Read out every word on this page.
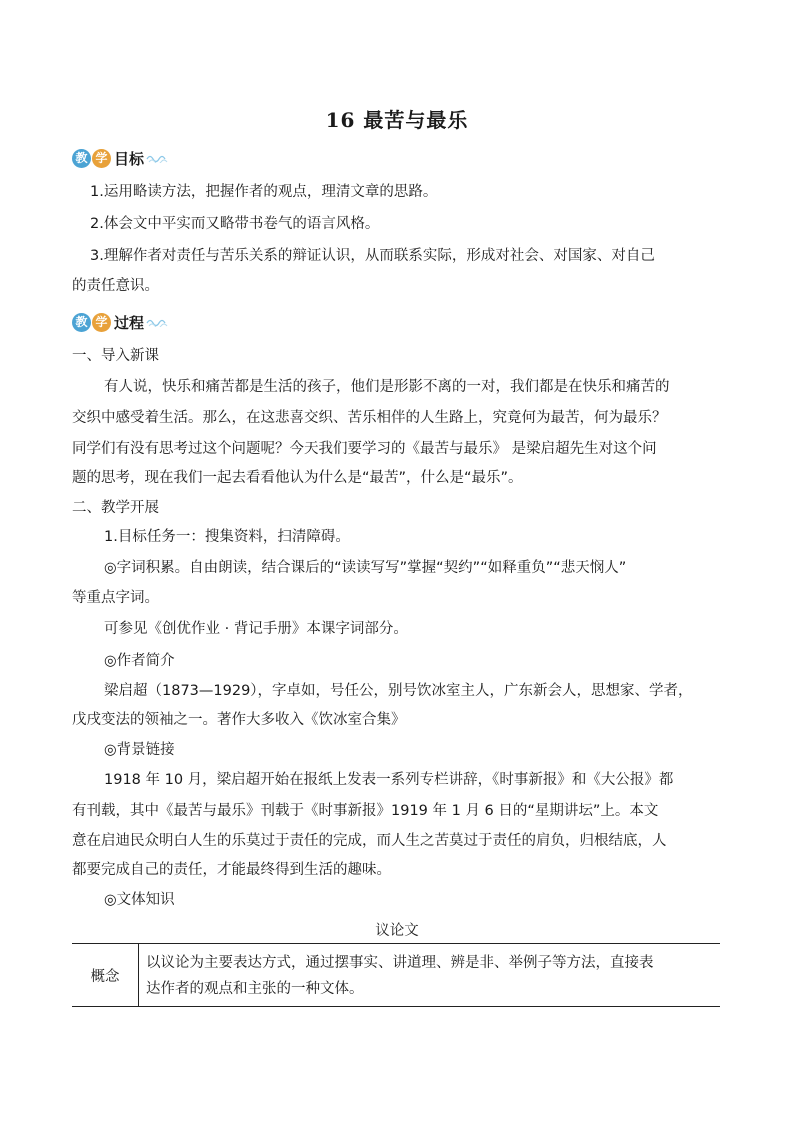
16 最苦与最乐
教 学 目标
1.运用略读方法，把握作者的观点，理清文章的思路。
2.体会文中平实而又略带书卷气的语言风格。
3.理解作者对责任与苦乐关系的辩证认识，从而联系实际，形成对社会、对国家、对自己
的责任意识。
教 学 过程
一、导入新课
有人说，快乐和痛苦都是生活的孩子，他们是形影不离的一对，我们都是在快乐和痛苦的
交织中感受着生活。那么，在这悲喜交织、苦乐相伴的人生路上，究竟何为最苦，何为最乐？
同学们有没有思考过这个问题呢？今天我们要学习的《最苦与最乐》 是梁启超先生对这个问
题的思考，现在我们一起去看看他认为什么是“最苦”，什么是“最乐”。
二、教学开展
1.目标任务一：搜集资料，扫清障碍。
◎字词积累。自由朗读，结合课后的“读读写写”掌握“契约”“如释重负”“悲天悯人”
等重点字词。
可参见《创优作业 · 背记手册》本课字词部分。
◎作者简介
梁启超（1873—1929），字卓如，号任公，别号饮冰室主人，广东新会人，思想家、学者，
戊戌变法的领袖之一。著作大多收入《饮冰室合集》
◎背景链接
1918 年 10 月，梁启超开始在报纸上发表一系列专栏讲辞，《时事新报》和《大公报》都
有刊载，其中《最苦与最乐》刊载于《时事新报》1919 年 1 月 6 日的“星期讲坛”上。本文
意在启迪民众明白人生的乐莫过于责任的完成，而人生之苦莫过于责任的肩负，归根结底，人
都要完成自己的责任，才能最终得到生活的趣味。
◎文体知识
议论文
概念
以议论为主要表达方式，通过摆事实、讲道理、辨是非、举例子等方法，直接表
达作者的观点和主张的一种文体。
